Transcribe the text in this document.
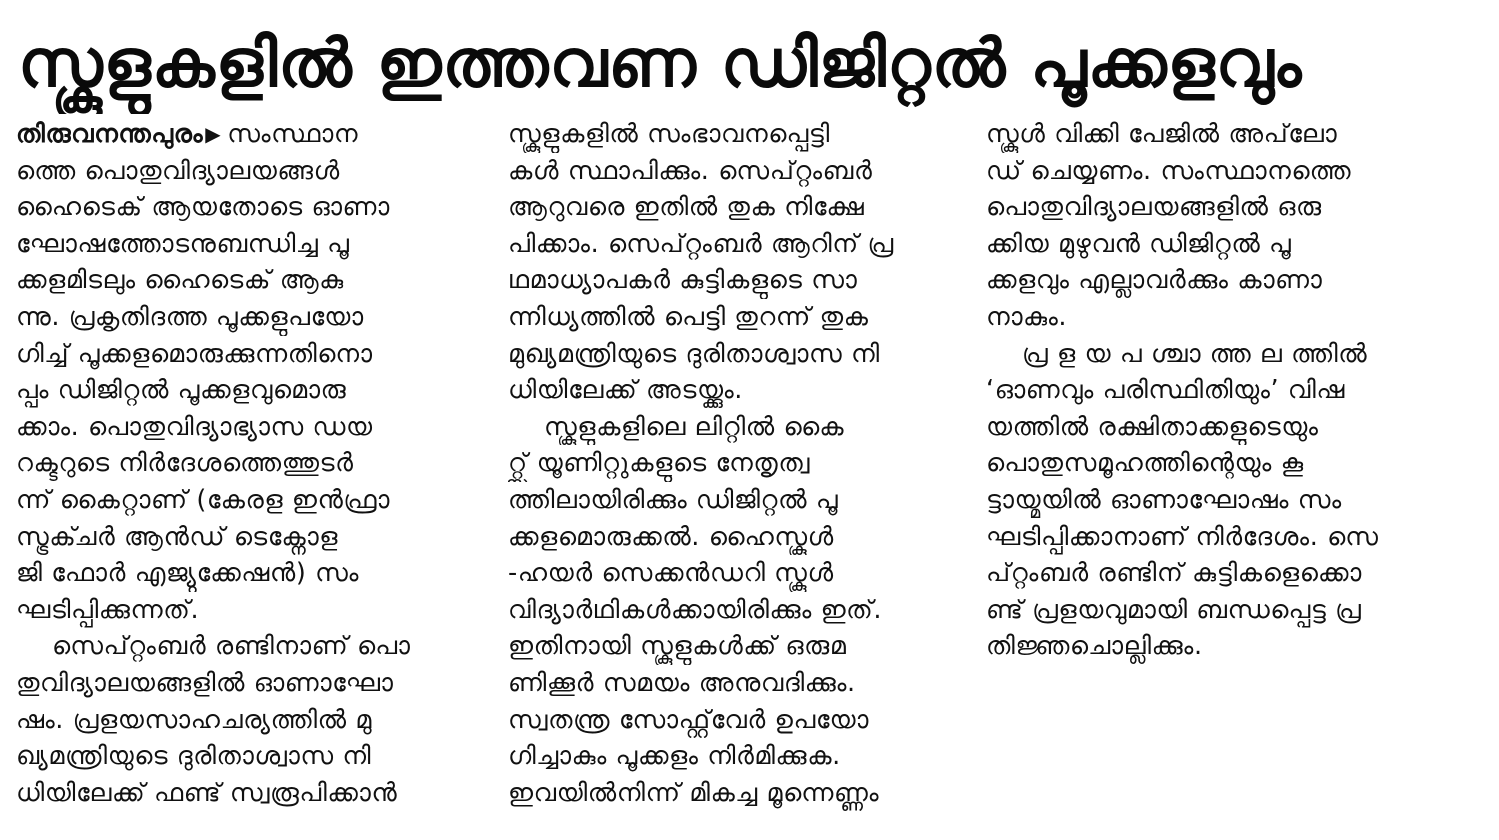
സ്കൂളുകളിൽ ഇത്തവണ ഡിജിറ്റൽ പൂക്കളവും
തിരുവനന്തപുരം ▶ സംസ്ഥാന
ത്തെ പൊതുവിദ്യാലയങ്ങൾ
ഹൈടെക് ആയതോടെ ഓണാ
ഘോഷത്തോടനുബന്ധിച്ച പൂ
ക്കളമിടലും ഹൈടെക് ആകു
ന്നു. പ്രകൃതിദത്ത പൂക്കളുപയോ
ഗിച്ച് പൂക്കളമൊരുക്കുന്നതിനൊ
പ്പം ഡിജിറ്റൽ പൂക്കളവുമൊരു
ക്കാം. പൊതുവിദ്യാഭ്യാസ ഡയ
റക്ടറുടെ നിർദേശത്തെത്തുടർ
ന്ന് കൈറ്റാണ് (കേരള ഇൻഫ്രാ
സ്ട്രക്ചർ ആൻഡ് ടെക്നോള
ജി ഫോർ എജ്യുക്കേഷൻ) സം
ഘടിപ്പിക്കുന്നത്.
സെപ്റ്റംബർ രണ്ടിനാണ് പൊ
തുവിദ്യാലയങ്ങളിൽ ഓണാഘോ
ഷം. പ്രളയസാഹചര്യത്തിൽ മു
ഖ്യമന്ത്രിയുടെ ദുരിതാശ്വാസ നി
ധിയിലേക്ക് ഫണ്ട് സ്വരൂപിക്കാൻ
സ്കൂളുകളിൽ സംഭാവനപ്പെട്ടി
കൾ സ്ഥാപിക്കും. സെപ്റ്റംബർ
ആറുവരെ ഇതിൽ തുക നിക്ഷേ
പിക്കാം. സെപ്റ്റംബർ ആറിന് പ്ര
ഥമാധ്യാപകർ കുട്ടികളുടെ സാ
ന്നിധ്യത്തിൽ പെട്ടി തുറന്ന് തുക
മുഖ്യമന്ത്രിയുടെ ദുരിതാശ്വാസ നി
ധിയിലേക്ക് അടയ്ക്കും.
സ്കൂളുകളിലെ ലിറ്റിൽ കൈ
റ്റ്സ് യൂണിറ്റുകളുടെ നേതൃത്വ
ത്തിലായിരിക്കും ഡിജിറ്റൽ പൂ
ക്കളമൊരുക്കൽ. ഹൈസ്കൂൾ
-ഹയർ സെക്കൻഡറി സ്കൂൾ
വിദ്യാർഥികൾക്കായിരിക്കും ഇത്.
ഇതിനായി സ്കൂളുകൾക്ക് ഒരുമ
ണിക്കൂർ സമയം അനുവദിക്കും.
സ്വതന്ത്ര സോഫ്റ്റ്‌വേർ ഉപയോ
ഗിച്ചാകും പൂക്കളം നിർമിക്കുക.
ഇവയിൽനിന്ന് മികച്ച മൂന്നെണ്ണം
സ്കൂൾ വിക്കി പേജിൽ അപ്‌ലോ
ഡ് ചെയ്യണം. സംസ്ഥാനത്തെ
പൊതുവിദ്യാലയങ്ങളിൽ ഒരു
ക്കിയ മുഴുവൻ ഡിജിറ്റൽ പൂ
ക്കളവും എല്ലാവർക്കും കാണാ
നാകും.
പ്ര ള യ പ ശ്ചാ ത്ത ല ത്തിൽ
‘ഓണവും പരിസ്ഥിതിയും’ വിഷ
യത്തിൽ രക്ഷിതാക്കളുടെയും
പൊതുസമൂഹത്തിന്റെയും കൂ
ട്ടായ്മയിൽ ഓണാഘോഷം സം
ഘടിപ്പിക്കാനാണ് നിർദേശം. സെ
പ്റ്റംബർ രണ്ടിന് കുട്ടികളെക്കൊ
ണ്ട് പ്രളയവുമായി ബന്ധപ്പെട്ട പ്ര
തിജ്ഞചൊല്ലിക്കും.
